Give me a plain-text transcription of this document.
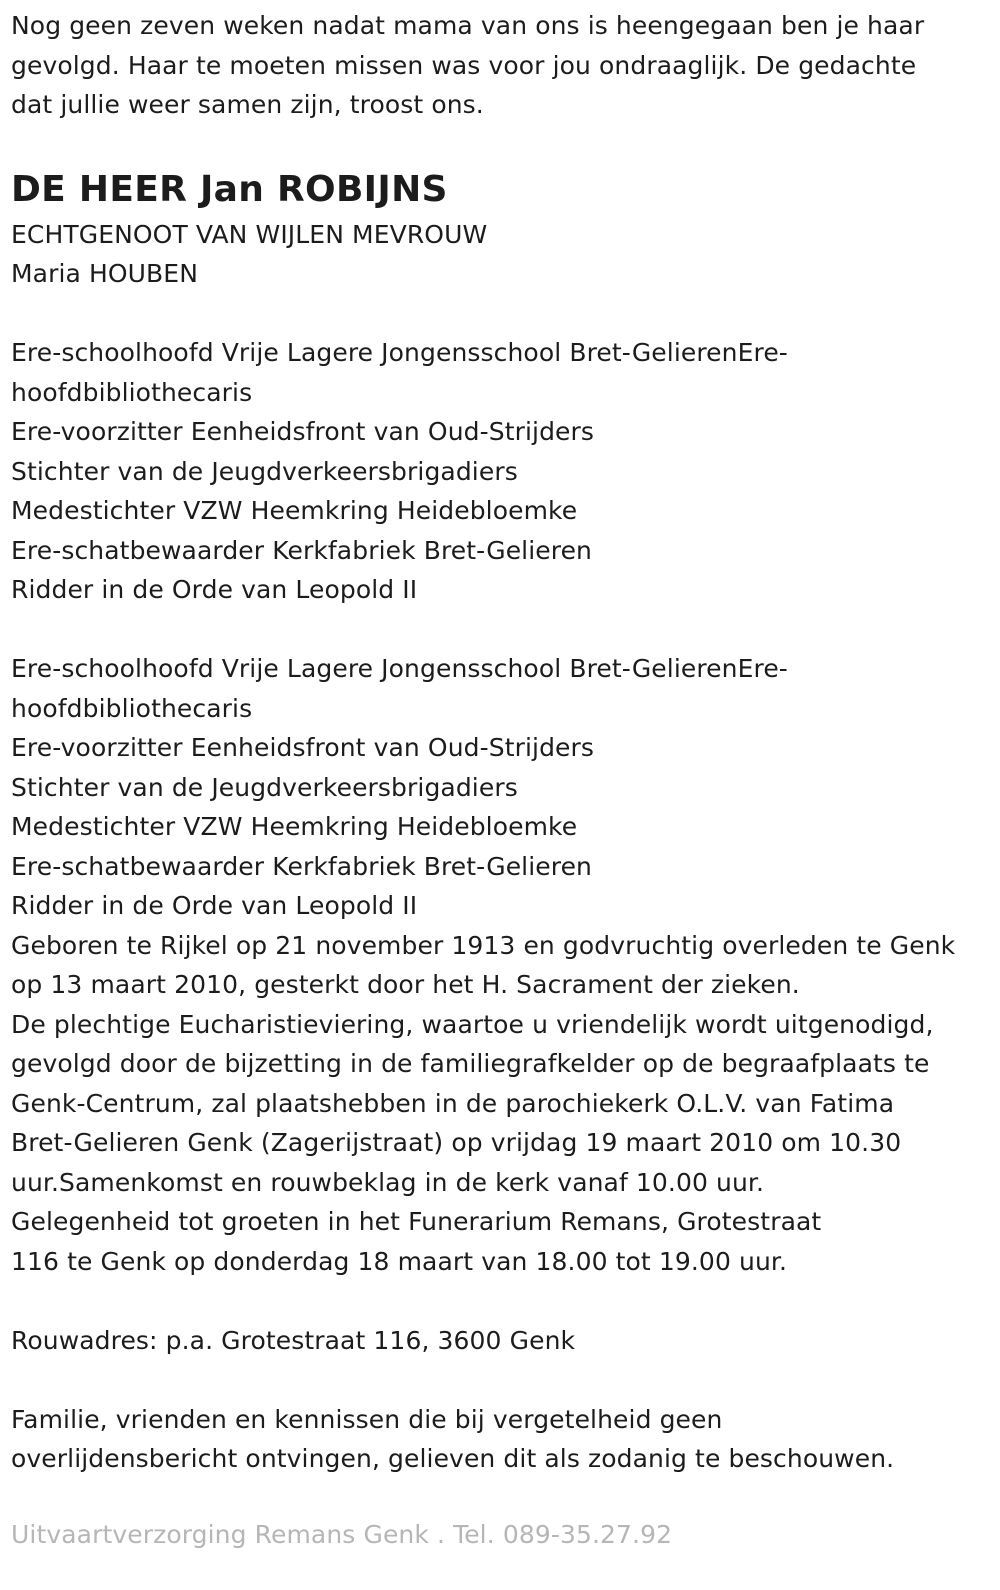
Nog geen zeven weken nadat mama van ons is heengegaan ben je haar
gevolgd. Haar te moeten missen was voor jou ondraaglijk. De gedachte
dat jullie weer samen zijn, troost ons.
DE HEER Jan ROBIJNS
ECHTGENOOT VAN WIJLEN MEVROUW
Maria HOUBEN
Ere-schoolhoofd Vrije Lagere Jongensschool Bret-GelierenEre-
hoofdbibliothecaris
Ere-voorzitter Eenheidsfront van Oud-Strijders
Stichter van de Jeugdverkeersbrigadiers
Medestichter VZW Heemkring Heidebloemke
Ere-schatbewaarder Kerkfabriek Bret-Gelieren
Ridder in de Orde van Leopold II
Ere-schoolhoofd Vrije Lagere Jongensschool Bret-GelierenEre-
hoofdbibliothecaris
Ere-voorzitter Eenheidsfront van Oud-Strijders
Stichter van de Jeugdverkeersbrigadiers
Medestichter VZW Heemkring Heidebloemke
Ere-schatbewaarder Kerkfabriek Bret-Gelieren
Ridder in de Orde van Leopold II
Geboren te Rijkel op 21 november 1913 en godvruchtig overleden te Genk
op 13 maart 2010, gesterkt door het H. Sacrament der zieken.
De plechtige Eucharistieviering, waartoe u vriendelijk wordt uitgenodigd,
gevolgd door de bijzetting in de familiegrafkelder op de begraafplaats te
Genk-Centrum, zal plaatshebben in de parochiekerk O.L.V. van Fatima
Bret-Gelieren Genk (Zagerijstraat) op vrijdag 19 maart 2010 om 10.30
uur.Samenkomst en rouwbeklag in de kerk vanaf 10.00 uur.
Gelegenheid tot groeten in het Funerarium Remans, Grotestraat
116 te Genk op donderdag 18 maart van 18.00 tot 19.00 uur.
Rouwadres: p.a. Grotestraat 116, 3600 Genk
Familie, vrienden en kennissen die bij vergetelheid geen
overlijdensbericht ontvingen, gelieven dit als zodanig te beschouwen.
Uitvaartverzorging Remans Genk . Tel. 089-35.27.92
